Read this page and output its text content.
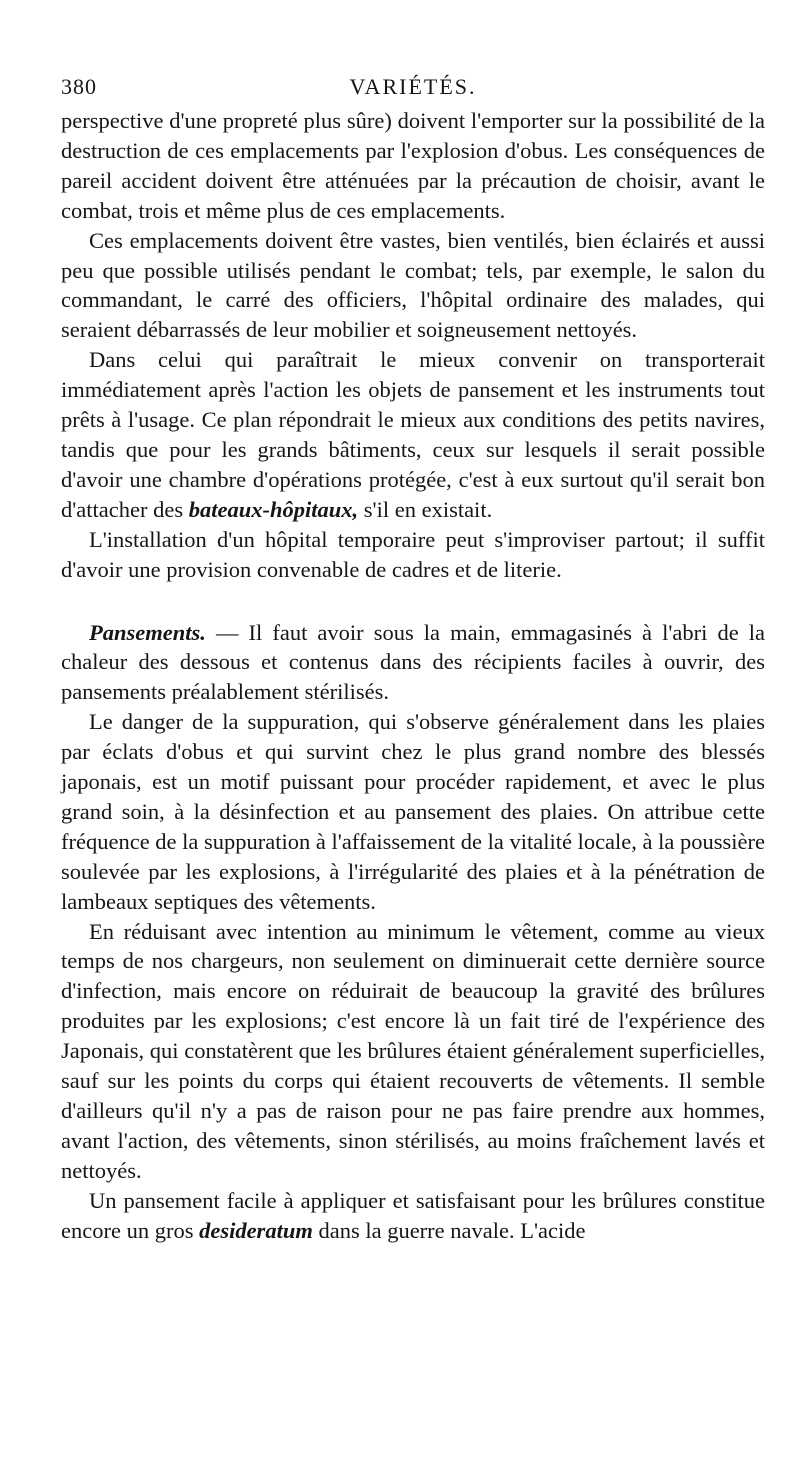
380	VARIÉTÉS.

perspective d'une propreté plus sûre) doivent l'emporter sur la possibilité de la destruction de ces emplacements par l'explosion d'obus. Les conséquences de pareil accident doivent être atténuées par la précaution de choisir, avant le combat, trois et même plus de ces emplacements.

Ces emplacements doivent être vastes, bien ventilés, bien éclairés et aussi peu que possible utilisés pendant le combat; tels, par exemple, le salon du commandant, le carré des officiers, l'hôpital ordinaire des malades, qui seraient débarrassés de leur mobilier et soigneusement nettoyés.

Dans celui qui paraîtrait le mieux convenir on transporterait immédiatement après l'action les objets de pansement et les instruments tout prêts à l'usage. Ce plan répondrait le mieux aux conditions des petits navires, tandis que pour les grands bâtiments, ceux sur lesquels il serait possible d'avoir une chambre d'opérations protégée, c'est à eux surtout qu'il serait bon d'attacher des bateaux-hôpitaux, s'il en existait.

L'installation d'un hôpital temporaire peut s'improviser partout; il suffit d'avoir une provision convenable de cadres et de literie.

Pansements. — Il faut avoir sous la main, emmagasinés à l'abri de la chaleur des dessous et contenus dans des récipients faciles à ouvrir, des pansements préalablement stérilisés.

Le danger de la suppuration, qui s'observe généralement dans les plaies par éclats d'obus et qui survint chez le plus grand nombre des blessés japonais, est un motif puissant pour procéder rapidement, et avec le plus grand soin, à la désinfection et au pansement des plaies. On attribue cette fréquence de la suppuration à l'affaissement de la vitalité locale, à la poussière soulevée par les explosions, à l'irrégularité des plaies et à la pénétration de lambeaux septiques des vêtements.

En réduisant avec intention au minimum le vêtement, comme au vieux temps de nos chargeurs, non seulement on diminuerait cette dernière source d'infection, mais encore on réduirait de beaucoup la gravité des brûlures produites par les explosions; c'est encore là un fait tiré de l'expérience des Japonais, qui constatèrent que les brûlures étaient généralement superficielles, sauf sur les points du corps qui étaient recouverts de vêtements. Il semble d'ailleurs qu'il n'y a pas de raison pour ne pas faire prendre aux hommes, avant l'action, des vêtements, sinon stérilisés, au moins fraîchement lavés et nettoyés.

Un pansement facile à appliquer et satisfaisant pour les brûlures constitue encore un gros desideratum dans la guerre navale. L'acide
